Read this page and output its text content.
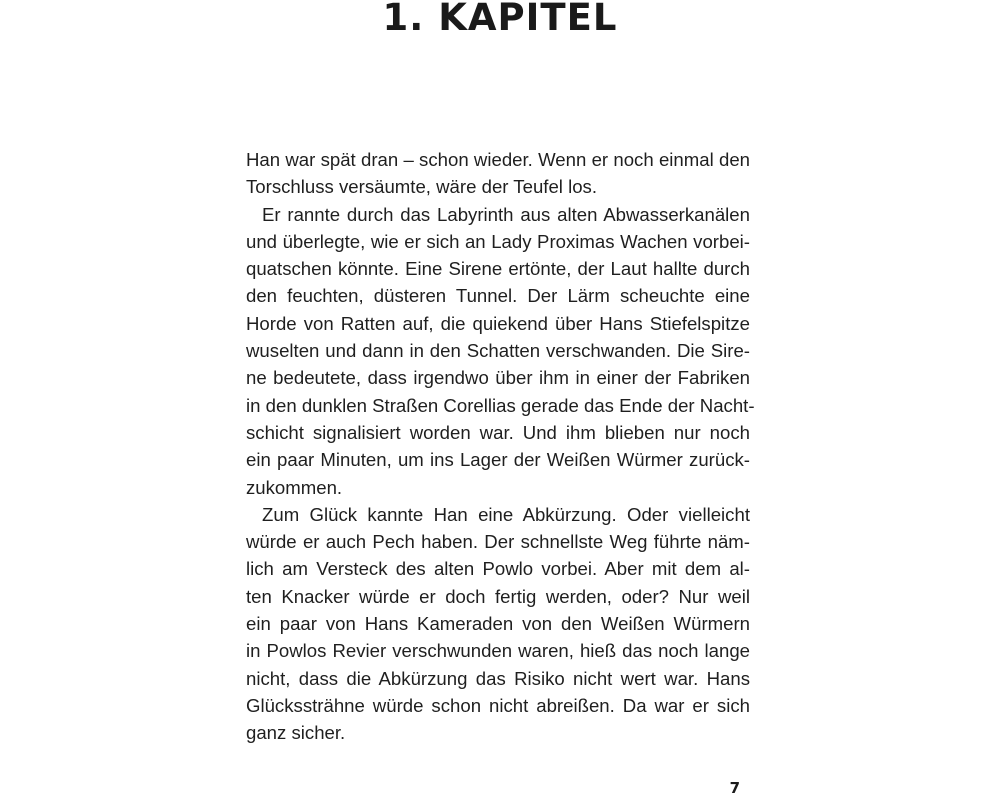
1. KAPITEL

Han war spät dran – schon wieder. Wenn er noch einmal den
Torschluss versäumte, wäre der Teufel los.

Er rannte durch das Labyrinth aus alten Abwasserkanälen
und überlegte, wie er sich an Lady Proximas Wachen vorbei-
quatschen könnte. Eine Sirene ertönte, der Laut hallte durch
den feuchten, düsteren Tunnel. Der Lärm scheuchte eine
Horde von Ratten auf, die quiekend über Hans Stiefelspitze
wuselten und dann in den Schatten verschwanden. Die Sire-
ne bedeutete, dass irgendwo über ihm in einer der Fabriken
in den dunklen Straßen Corellias gerade das Ende der Nacht-
schicht signalisiert worden war. Und ihm blieben nur noch
ein paar Minuten, um ins Lager der Weißen Würmer zurück-
zukommen.

Zum Glück kannte Han eine Abkürzung. Oder vielleicht
würde er auch Pech haben. Der schnellste Weg führte näm-
lich am Versteck des alten Powlo vorbei. Aber mit dem al-
ten Knacker würde er doch fertig werden, oder? Nur weil
ein paar von Hans Kameraden von den Weißen Würmern
in Powlos Revier verschwunden waren, hieß das noch lange
nicht, dass die Abkürzung das Risiko nicht wert war. Hans
Glückssträhne würde schon nicht abreißen. Da war er sich
ganz sicher.

7
